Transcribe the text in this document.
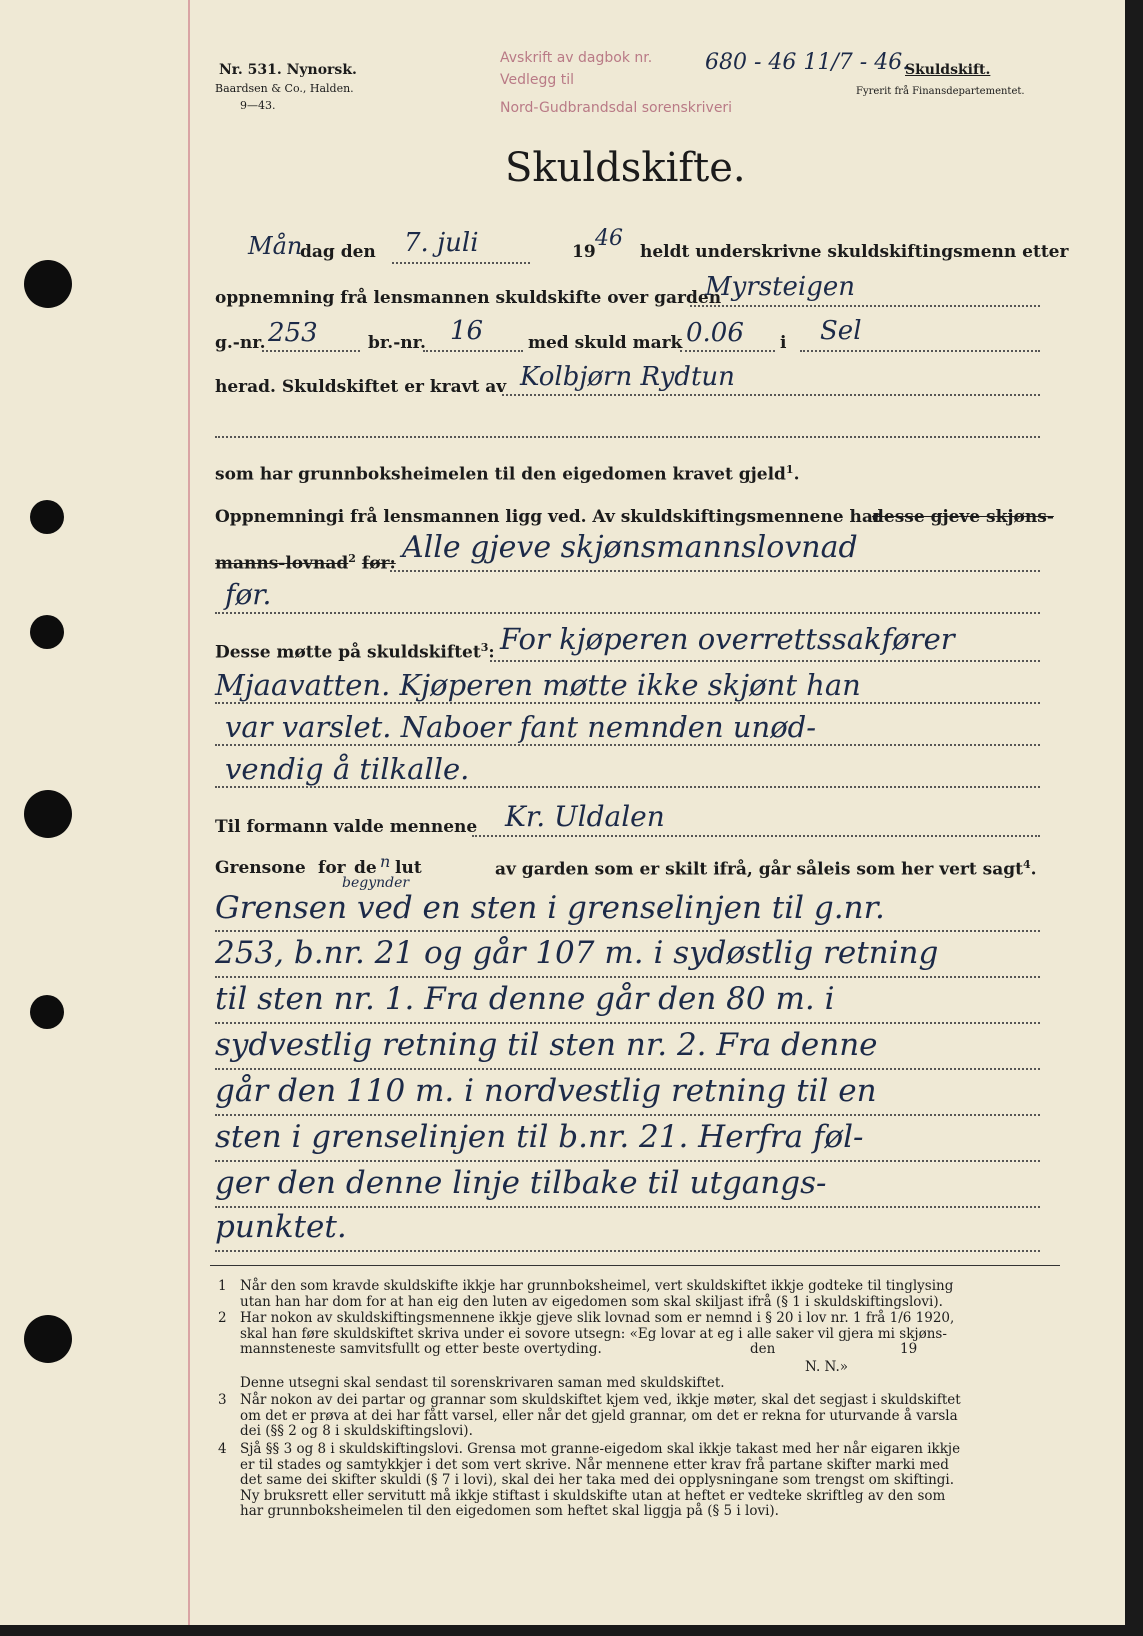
Nr. 531. Nynorsk.
Baardsen & Co., Halden.
9—43.
Skuldskift.
Fyrerit frå Finansdepartementet.
Avskrift av dagbok nr.
Vedlegg til
Nord-Gudbrandsdal sorenskriveri
680 - 46 11/7 - 46.
Skuldskifte.
Mån
dag den 7. juli	19
46
heldt underskrivne skuldskiftingsmenn etter
oppnemning frå lensmannen skuldskifte over garden
Myrsteigen
g.-nr. 253	br.-nr. 16	med skuld mark 0.06 i Sel
herad. Skuldskiftet er kravt av Kolbjørn Rydtun
som har grunnboksheimelen til den eigedomen kravet gjeld$^1$.
Oppnemningi frå lensmannen ligg ved. Av skuldskiftingsmennene har
desse gjeve skjøns-
manns-lovnad$^2$ før: Alle gjeve skjønsmannslovnad
før.
Desse møtte på skuldskiftet$^3$: For kjøperen overrettssakfører
Mjaavatten. Kjøperen møtte ikke skjønt han
var varslet. Naboer fant nemnden unød-
vendig å tilkalle.
Til formann valde mennene Kr. Uldalen
Grensone for de n lut	av garden som er skilt ifrå, går såleis som her vert sagt$^4$.
begynder
Grensen ved en sten i grenselinjen til g.nr.
253, b.nr. 21 og går 107 m. i sydøstlig retning
til sten nr. 1. Fra denne går den 80 m. i
sydvestlig retning til sten nr. 2. Fra denne
går den 110 m. i nordvestlig retning til en
sten i grenselinjen til b.nr. 21. Herfra føl-
ger den denne linje tilbake til utgangs-
punktet.
1 Når den som kravde skuldskifte ikkje har grunnboksheimel, vert skuldskiftet ikkje godteke til tinglysing
utan han har dom for at han eig den luten av eigedomen som skal skiljast ifrå (§ 1 i skuldskiftingslovi).
2 Har nokon av skuldskiftingsmennene ikkje gjeve slik lovnad som er nemnd i § 20 i lov nr. 1 frå 1/6 1920,
skal han føre skuldskiftet skriva under ei sovore utsegn: «Eg lovar at eg i alle saker vil gjera mi skjøns-
mannsteneste samvitsfullt og etter beste overtyding.	den	19
N. N.»
Denne utsegni skal sendast til sorenskrivaren saman med skuldskiftet.
3 Når nokon av dei partar og grannar som skuldskiftet kjem ved, ikkje møter, skal det segjast i skuldskiftet
om det er prøva at dei har fått varsel, eller når det gjeld grannar, om det er rekna for uturvande å varsla
dei (§§ 2 og 8 i skuldskiftingslovi).
4 Sjå §§ 3 og 8 i skuldskiftingslovi. Grensa mot granne-eigedom skal ikkje takast med her når eigaren ikkje
er til stades og samtykkjer i det som vert skrive. Når mennene etter krav frå partane skifter marki med
det same dei skifter skuldi (§ 7 i lovi), skal dei her taka med dei opplysningane som trengst om skiftingi.
Ny bruksrett eller servitutt må ikkje stiftast i skuldskifte utan at heftet er vedteke skriftleg av den som
har grunnboksheimelen til den eigedomen som heftet skal liggja på (§ 5 i lovi).
